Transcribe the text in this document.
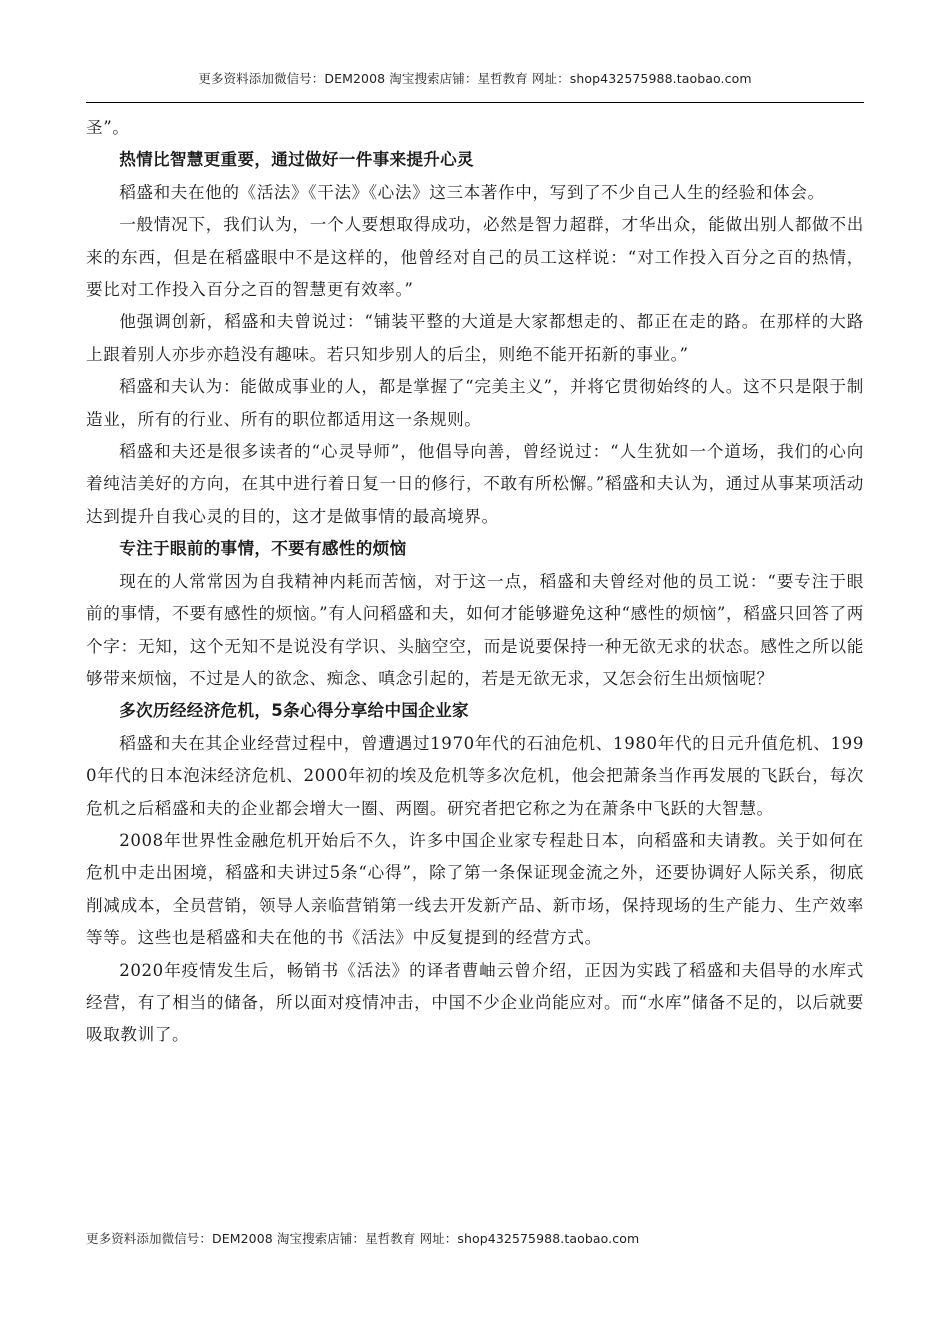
更多资料添加微信号：DEM2008 淘宝搜索店铺：星哲教育 网址：shop432575988.taobao.com

圣”。

热情比智慧更重要，通过做好一件事来提升心灵

稻盛和夫在他的《活法》《干法》《心法》这三本著作中，写到了不少自己人生的经验和体会。

一般情况下，我们认为，一个人要想取得成功，必然是智力超群，才华出众，能做出别人都做不出来的东西，但是在稻盛眼中不是这样的，他曾经对自己的员工这样说：“对工作投入百分之百的热情，要比对工作投入百分之百的智慧更有效率。”

他强调创新，稻盛和夫曾说过：“铺装平整的大道是大家都想走的、都正在走的路。在那样的大路上跟着别人亦步亦趋没有趣味。若只知步别人的后尘，则绝不能开拓新的事业。”

稻盛和夫认为：能做成事业的人，都是掌握了“完美主义”，并将它贯彻始终的人。这不只是限于制造业，所有的行业、所有的职位都适用这一条规则。

稻盛和夫还是很多读者的“心灵导师”，他倡导向善，曾经说过：“人生犹如一个道场，我们的心向着纯洁美好的方向，在其中进行着日复一日的修行，不敢有所松懈。”稻盛和夫认为，通过从事某项活动达到提升自我心灵的目的，这才是做事情的最高境界。

专注于眼前的事情，不要有感性的烦恼

现在的人常常因为自我精神内耗而苦恼，对于这一点，稻盛和夫曾经对他的员工说：“要专注于眼前的事情，不要有感性的烦恼。”有人问稻盛和夫，如何才能够避免这种“感性的烦恼”，稻盛只回答了两个字：无知，这个无知不是说没有学识、头脑空空，而是说要保持一种无欲无求的状态。感性之所以能够带来烦恼，不过是人的欲念、痴念、嗔念引起的，若是无欲无求，又怎会衍生出烦恼呢？

多次历经经济危机，5条心得分享给中国企业家

稻盛和夫在其企业经营过程中，曾遭遇过1970年代的石油危机、1980年代的日元升值危机、1990年代的日本泡沫经济危机、2000年初的埃及危机等多次危机，他会把萧条当作再发展的飞跃台，每次危机之后稻盛和夫的企业都会增大一圈、两圈。研究者把它称之为在萧条中飞跃的大智慧。

2008年世界性金融危机开始后不久，许多中国企业家专程赴日本，向稻盛和夫请教。关于如何在危机中走出困境，稻盛和夫讲过5条“心得”，除了第一条保证现金流之外，还要协调好人际关系，彻底削减成本，全员营销，领导人亲临营销第一线去开发新产品、新市场，保持现场的生产能力、生产效率等等。这些也是稻盛和夫在他的书《活法》中反复提到的经营方式。

2020年疫情发生后，畅销书《活法》的译者曹岫云曾介绍，正因为实践了稻盛和夫倡导的水库式经营，有了相当的储备，所以面对疫情冲击，中国不少企业尚能应对。而“水库”储备不足的，以后就要吸取教训了。

更多资料添加微信号：DEM2008 淘宝搜索店铺：星哲教育 网址：shop432575988.taobao.com
